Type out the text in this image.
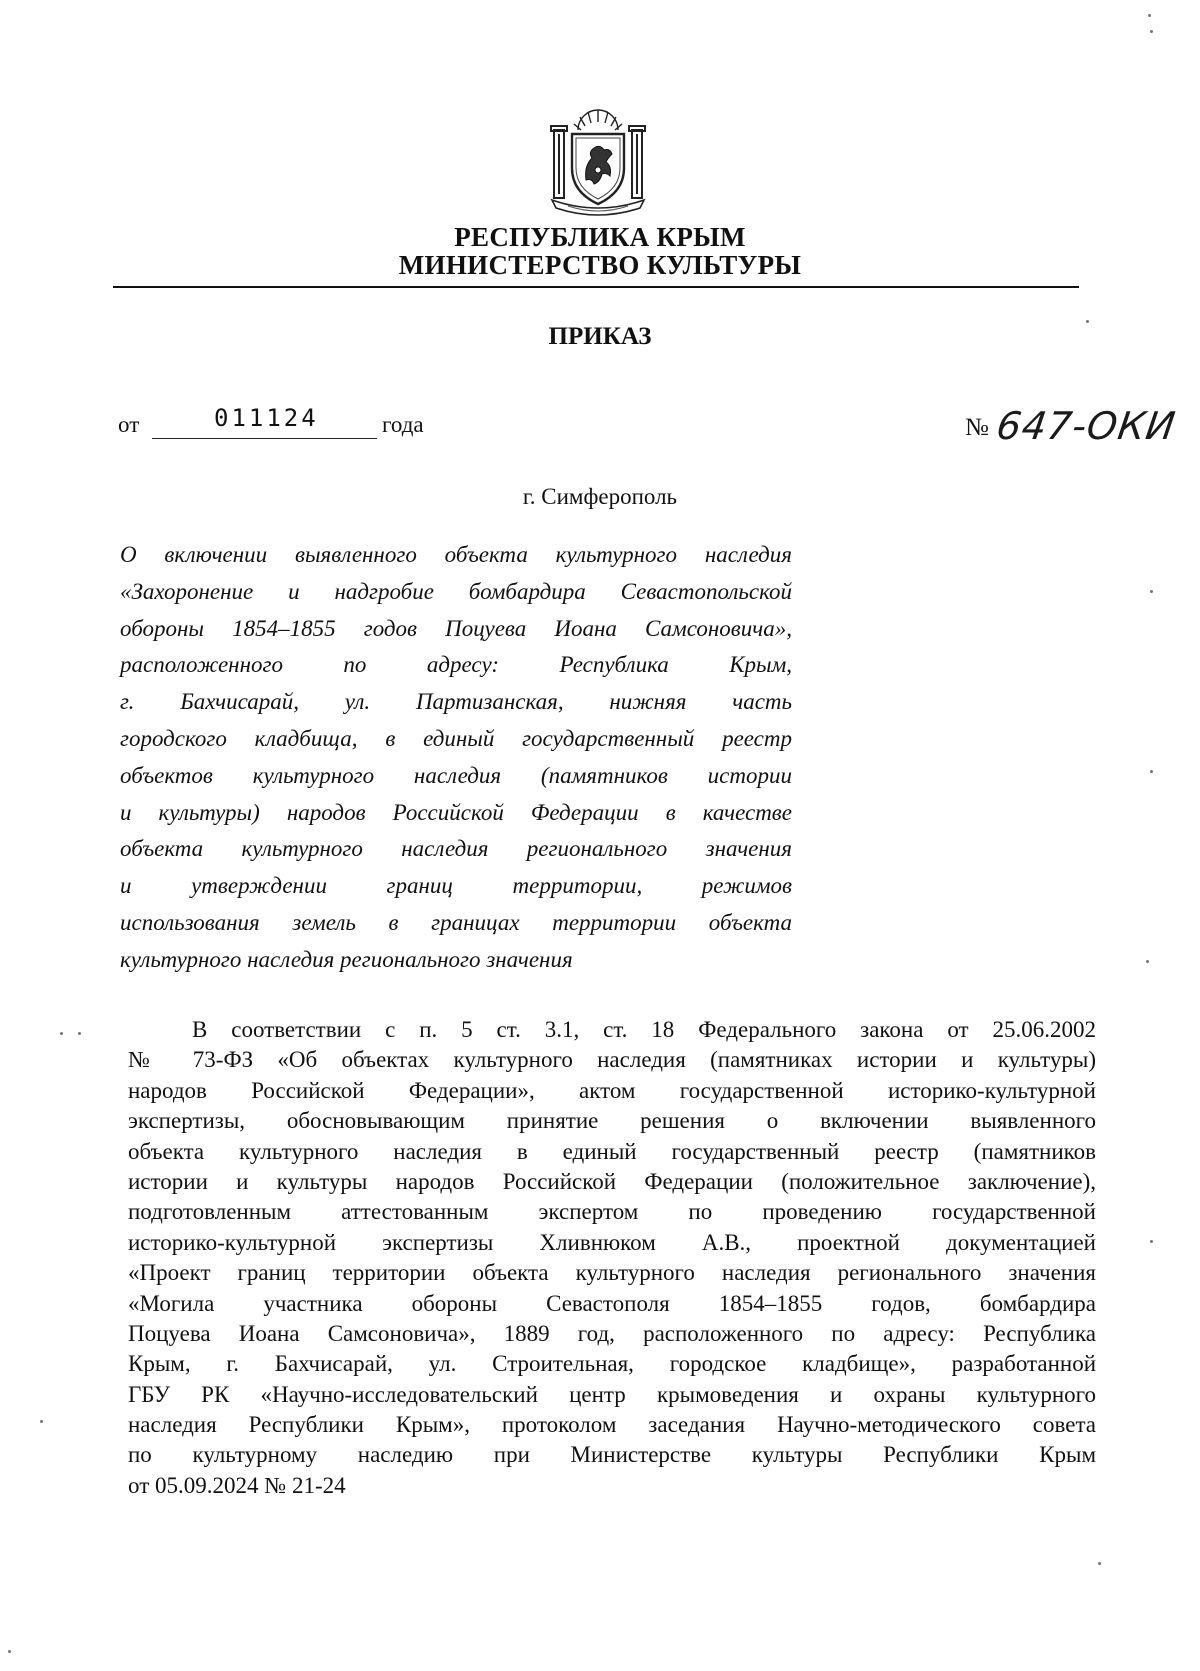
РЕСПУБЛИКА КРЫМ
МИНИСТЕРСТВО КУЛЬТУРЫ
ПРИКАЗ
от	011124	года	№ 647-ОКИ
г. Симферополь
О включении выявленного объекта культурного наследия
«Захоронение и надгробие бомбардира Севастопольской
обороны 1854–1855 годов Поцуева Иоана Самсоновича»,
расположенного по адресу: Республика Крым,
г. Бахчисарай, ул. Партизанская, нижняя часть
городского кладбища, в единый государственный реестр
объектов культурного наследия (памятников истории
и культуры) народов Российской Федерации в качестве
объекта культурного наследия регионального значения
и утверждении границ территории, режимов
использования земель в границах территории объекта
культурного наследия регионального значения
В соответствии с п. 5 ст. 3.1, ст. 18 Федерального закона от 25.06.2002
№ 73-ФЗ «Об объектах культурного наследия (памятниках истории и культуры)
народов Российской Федерации», актом государственной историко-культурной
экспертизы, обосновывающим принятие решения о включении выявленного
объекта культурного наследия в единый государственный реестр (памятников
истории и культуры народов Российской Федерации (положительное заключение),
подготовленным аттестованным экспертом по проведению государственной
историко-культурной экспертизы Хливнюком А.В., проектной документацией
«Проект границ территории объекта культурного наследия регионального значения
«Могила участника обороны Севастополя 1854–1855 годов, бомбардира
Поцуева Иоана Самсоновича», 1889 год, расположенного по адресу: Республика
Крым, г. Бахчисарай, ул. Строительная, городское кладбище», разработанной
ГБУ РК «Научно-исследовательский центр крымоведения и охраны культурного
наследия Республики Крым», протоколом заседания Научно-методического совета
по культурному наследию при Министерстве культуры Республики Крым
от 05.09.2024 № 21-24
